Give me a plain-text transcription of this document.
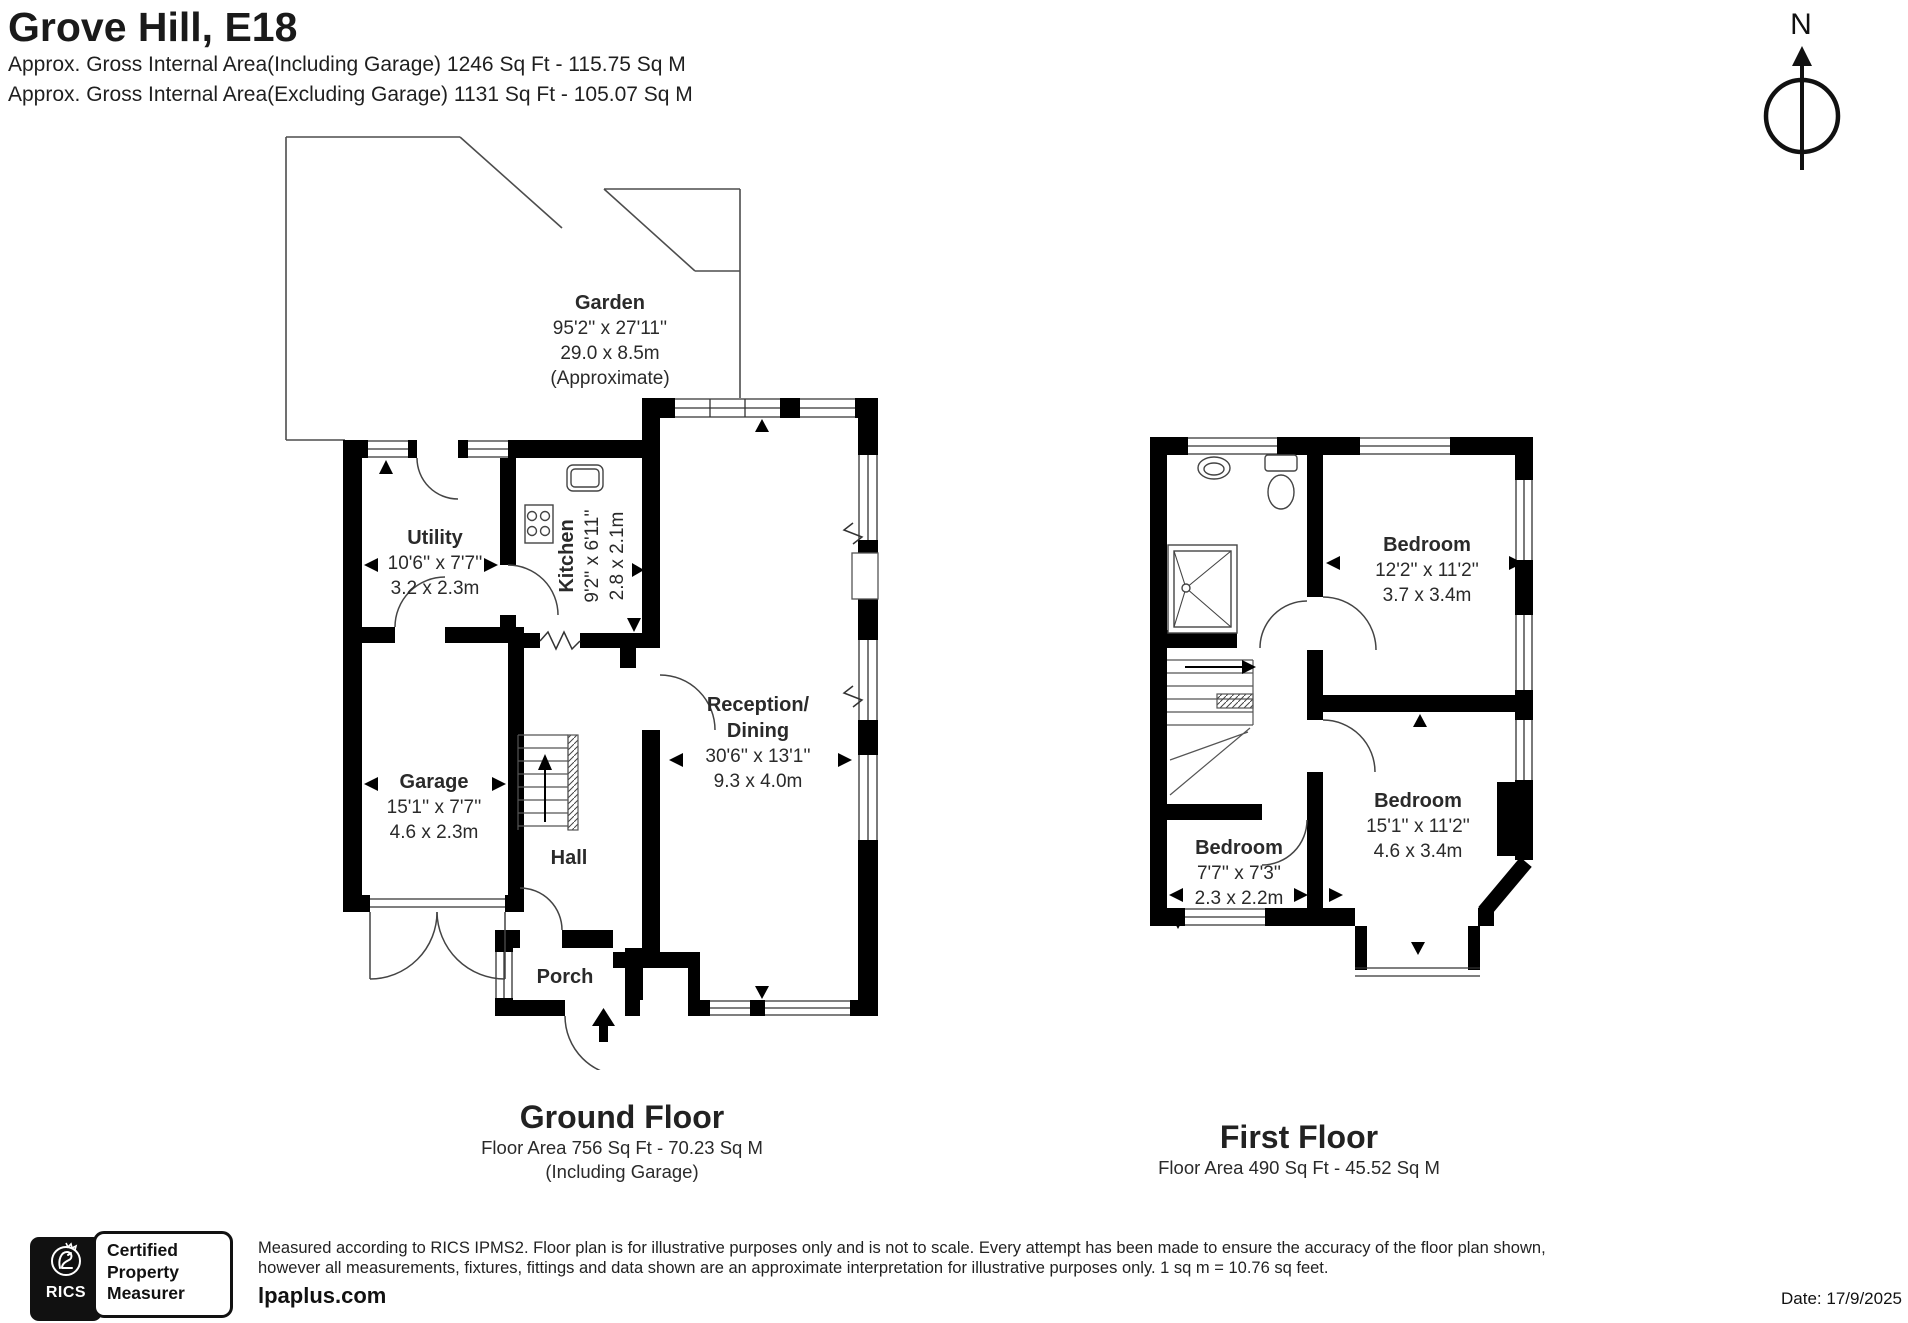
Grove Hill, E18
Approx. Gross Internal Area(Including Garage) 1246 Sq Ft - 115.75 Sq M
Approx. Gross Internal Area(Excluding Garage) 1131 Sq Ft - 105.07 Sq M
N
Garden
95'2'' x 27'11''
29.0 x 8.5m
(Approximate)
Utility
10'6'' x 7'7''
3.2 x 2.3m	Kitchen 9'2'' x 6'11'' 2.8 x 2.1m
Reception/
Dining
30'6'' x 13'1''
9.3 x 4.0m
Garage
15'1'' x 7'7''
4.6 x 2.3m
Hall
Porch
Bedroom
12'2'' x 11'2''
3.7 x 3.4m
Bedroom
15'1'' x 11'2''
4.6 x 3.4m
Bedroom
7'7'' x 7'3''
2.3 x 2.2m
Ground Floor
Floor Area 756 Sq Ft - 70.23 Sq M
(Including Garage)
First Floor
Floor Area 490 Sq Ft - 45.52 Sq M
RICS
Certified
Property
Measurer
Measured according to RICS IPMS2. Floor plan is for illustrative purposes only and is not to scale. Every attempt has been made to ensure the accuracy of the floor plan shown,
however all measurements, fixtures, fittings and data shown are an approximate interpretation for illustrative purposes only. 1 sq m = 10.76 sq feet.
lpaplus.com	Date: 17/9/2025
